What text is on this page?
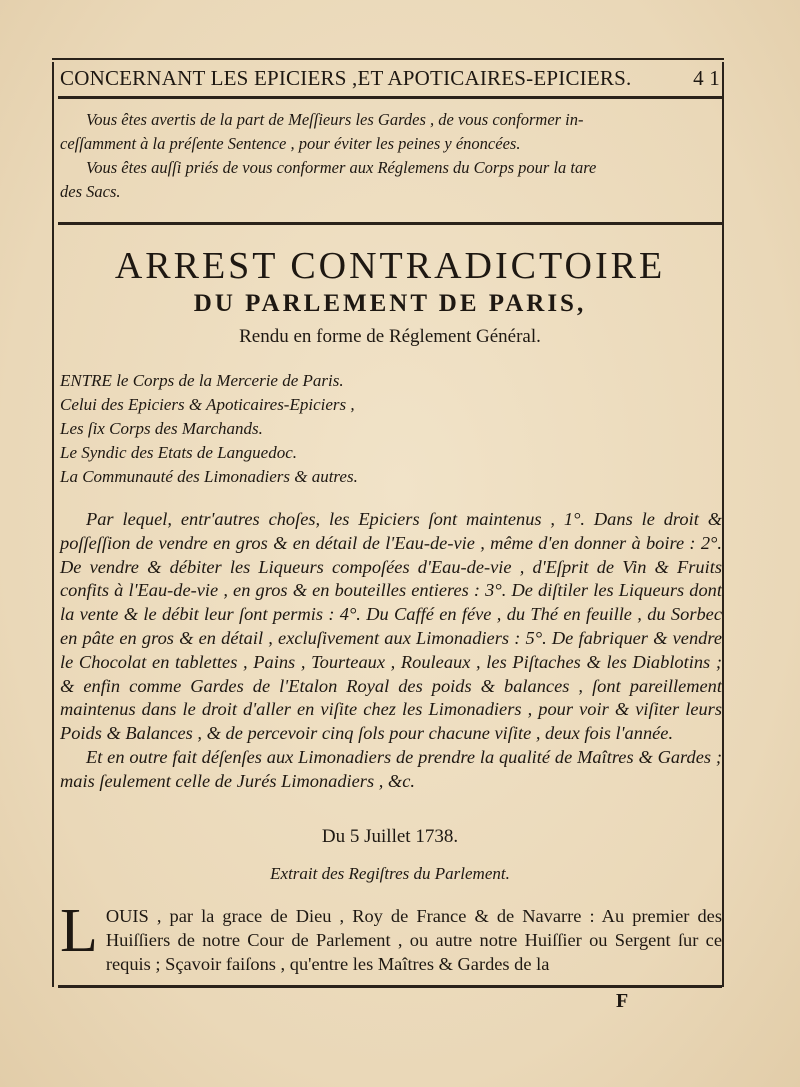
CONCERNANT LES EPICIERS ,ET APOTICAIRES-EPICIERS.	4 1
Vous êtes avertis de la part de Meſſieurs les Gardes , de vous conformer in-
ceſſamment à la préſente Sentence , pour éviter les peines y énoncées.
Vous êtes auſſi priés de vous conformer aux Réglemens du Corps pour la tare
des Sacs.
ARREST CONTRADICTOIRE
DU PARLEMENT DE PARIS,
Rendu en forme de Réglement Général.
ENTRE le Corps de la Mercerie de Paris.
Celui des Epiciers & Apoticaires-Epiciers ,
Les ſix Corps des Marchands.
Le Syndic des Etats de Languedoc.
La Communauté des Limonadiers & autres.

Par lequel, entr'autres choſes, les Epiciers ſont maintenus , 1°. Dans le droit & poſſeſſion de vendre en gros & en détail de l'Eau-de-vie , même d'en donner à boire : 2°. De vendre & débiter les Liqueurs compoſées d'Eau-de-vie , d'Eſprit de Vin & Fruits confits à l'Eau-de-vie , en gros & en bouteilles entieres : 3°. De diſtiler les Liqueurs dont la vente & le débit leur ſont permis : 4°. Du Caffé en féve , du Thé en feuille , du Sorbec en pâte en gros & en détail , excluſivement aux Limonadiers : 5°. De fabriquer & vendre le Chocolat en tablettes , Pains , Tourteaux , Rouleaux , les Piſtaches & les Diablotins ; & enfin comme Gardes de l'Etalon Royal des poids & balances , ſont pareillement maintenus dans le droit d'aller en viſite chez les Limonadiers , pour voir & viſiter leurs Poids & Balances , & de percevoir cinq ſols pour chacune viſite , deux fois l'année.

Et en outre fait déſenſes aux Limonadiers de prendre la qualité de Maîtres & Gardes ; mais ſeulement celle de Jurés Limonadiers , &c.

Du 5 Juillet 1738.
Extrait des Regiſtres du Parlement.
L OUIS , par la grace de Dieu , Roy de France & de Navarre : Au premier des Huiſſiers de notre Cour de Parlement , ou autre notre Huiſſier ou Sergent ſur ce requis ; Sçavoir faiſons , qu'entre les Maîtres & Gardes de la
F
